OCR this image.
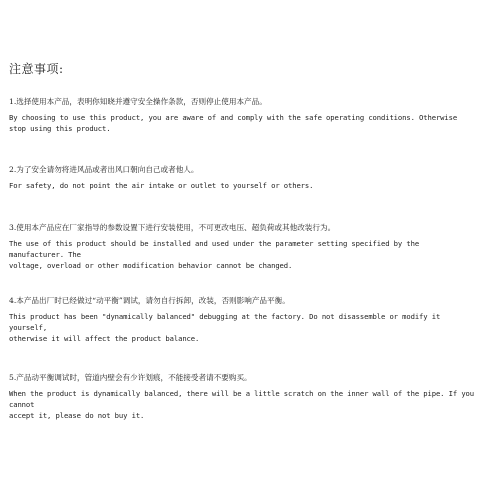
注意事项:
1.选择使用本产品，表明你知晓并遵守安全操作条款，否则停止使用本产品。
By choosing to use this product, you are aware of and comply with the safe operating conditions. Otherwise
stop using this product.
2.为了安全请勿将进风品或者出风口朝向自己或者他人。
For safety, do not point the air intake or outlet to yourself or others.
3.使用本产品应在厂家指导的参数设置下进行安装使用，不可更改电压、超负荷或其他改装行为。
The use of this product should be installed and used under the parameter setting specified by the manufacturer. The
voltage, overload or other modification behavior cannot be changed.
4.本产品出厂时已经做过“动平衡”调试，请勿自行拆卸，改装，否则影响产品平衡。
This product has been "dynamically balanced" debugging at the factory. Do not disassemble or modify it yourself,
otherwise it will affect the product balance.
5.产品动平衡调试时，管道内壁会有少许划痕，不能接受者请不要购买。
When the product is dynamically balanced, there will be a little scratch on the inner wall of the pipe. If you cannot
accept it, please do not buy it.
